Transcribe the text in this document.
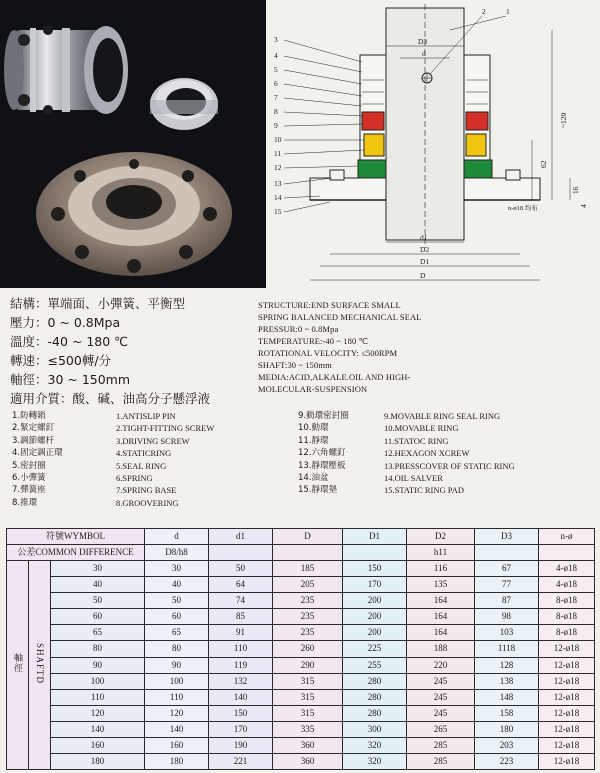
3
4
5
6
7
8
9
10
11
12
13
14
15
2	1
D3
d
d1
D2
D1
D
~120
62
16
4
n-ø18 均布
結構：單端面、小彈簧、平衡型
壓力：0 ~ 0.8Mpa
溫度：-40 ~ 180 ℃
轉速：≤500轉/分
軸徑：30 ~ 150mm
適用介質：酸、碱、油高分子懸浮液
STRUCTURE:END SURFACE SMALL
SPRING BALANCED MECHANICAL SEAL
PRESSUR:0 ~ 0.8Mpa
TEMPERATURE:-40 ~ 180 ℃
ROTATIONAL VELOCITY: ≤500RPM
SHAFT:30 ~ 150mm
MEDIA:ACID,ALKALE.OIL AND HIGH-
MOLECULAR-SUSPENSION
1.防轉銷
2.緊定螺釘
3.調節螺杆
4.固定調正環
5.密封圈
6.小彈簧
7.彈簧座
8.推環
1.ANTISLIP PIN
2.TIGHT-FITTING SCREW
3.DRIVING SCREW
4.STATICRING
5.SEAL RING
6.SPRING
7.SPRING BASE
8.GROOVERING
9.動環密封圈
10.動環
11.靜環
12.六角螺釘
13.靜環壓板
14.油盆
15.靜環墊
9.MOVABLE RING SEAL RING
10.MOVABLE RING
11.STATOC RING
12.HEXAGON XCREW
13.PRESSCOVER OF STATIC RING
14.OIL SALVER
15.STATIC RING PAD
符號WYMBOL			d	d1	D	D1	D2	D3	n-ø
公差COMMON DIFFERENCE			D8/h8				h11		
軸徑	SHAFTD	30	30	50	185	150	116	67	4-ø18
		40	40	64	205	170	135	77	4-ø18
		50	50	74	235	200	164	87	8-ø18
		60	60	85	235	200	164	98	8-ø18
		65	65	91	235	200	164	103	8-ø18
		80	80	110	260	225	188	1118	12-ø18
		90	90	119	290	255	220	128	12-ø18
		100	100	132	315	280	245	138	12-ø18
		110	110	140	315	280	245	148	12-ø18
		120	120	150	315	280	245	158	12-ø18
		140	140	170	335	300	265	180	12-ø18
		160	160	190	360	320	285	203	12-ø18
		180	180	221	360	320	285	223	12-ø18
